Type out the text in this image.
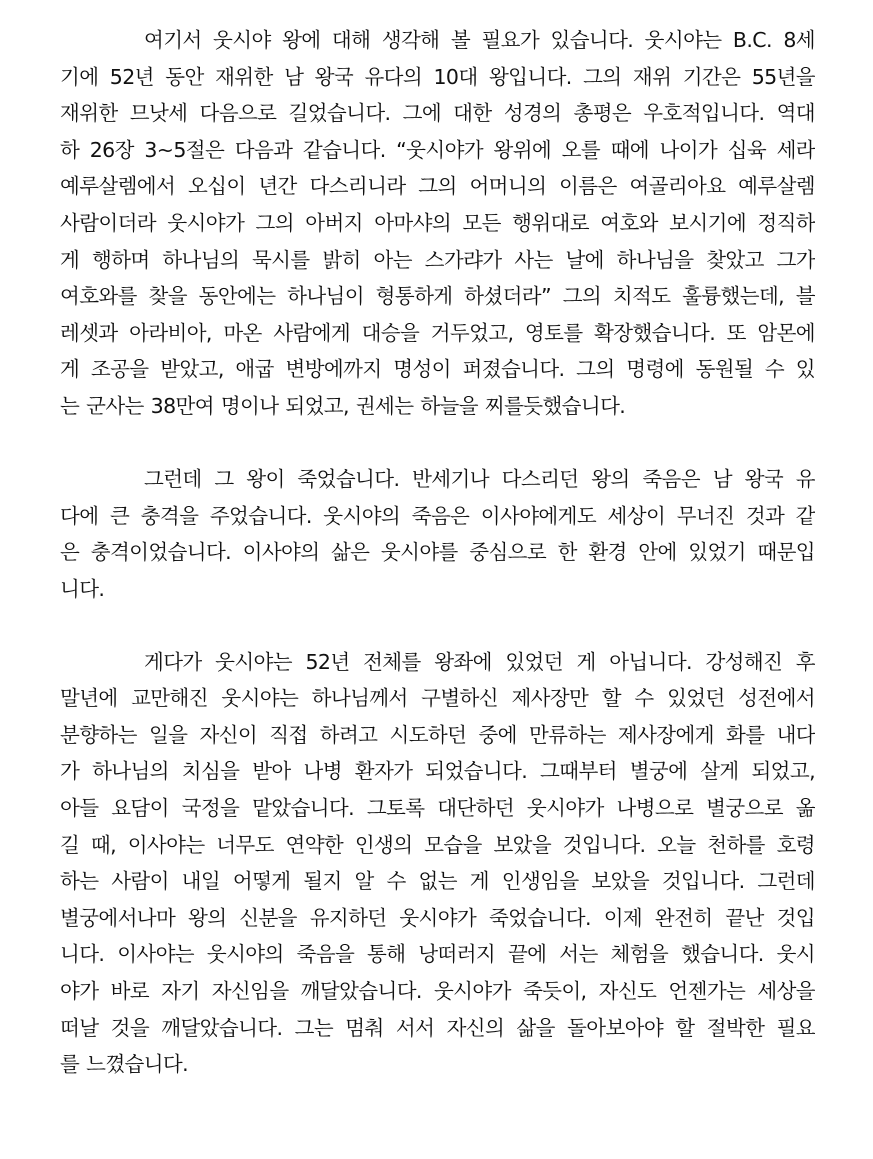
여기서 웃시야 왕에 대해 생각해 볼 필요가 있습니다. 웃시야는 B.C. 8세
기에 52년 동안 재위한 남 왕국 유다의 10대 왕입니다. 그의 재위 기간은 55년을
재위한 므낫세 다음으로 길었습니다. 그에 대한 성경의 총평은 우호적입니다. 역대
하 26장 3~5절은 다음과 같습니다. “웃시야가 왕위에 오를 때에 나이가 십육 세라
예루살렘에서 오십이 년간 다스리니라 그의 어머니의 이름은 여골리아요 예루살렘
사람이더라 웃시야가 그의 아버지 아마샤의 모든 행위대로 여호와 보시기에 정직하
게 행하며 하나님의 묵시를 밝히 아는 스가랴가 사는 날에 하나님을 찾았고 그가
여호와를 찾을 동안에는 하나님이 형통하게 하셨더라” 그의 치적도 훌륭했는데, 블
레셋과 아라비아, 마온 사람에게 대승을 거두었고, 영토를 확장했습니다. 또 암몬에
게 조공을 받았고, 애굽 변방에까지 명성이 퍼졌습니다. 그의 명령에 동원될 수 있
는 군사는 38만여 명이나 되었고, 권세는 하늘을 찌를듯했습니다.
그런데 그 왕이 죽었습니다. 반세기나 다스리던 왕의 죽음은 남 왕국 유
다에 큰 충격을 주었습니다. 웃시야의 죽음은 이사야에게도 세상이 무너진 것과 같
은 충격이었습니다. 이사야의 삶은 웃시야를 중심으로 한 환경 안에 있었기 때문입
니다.
게다가 웃시야는 52년 전체를 왕좌에 있었던 게 아닙니다. 강성해진 후
말년에 교만해진 웃시야는 하나님께서 구별하신 제사장만 할 수 있었던 성전에서
분향하는 일을 자신이 직접 하려고 시도하던 중에 만류하는 제사장에게 화를 내다
가 하나님의 치심을 받아 나병 환자가 되었습니다. 그때부터 별궁에 살게 되었고,
아들 요담이 국정을 맡았습니다. 그토록 대단하던 웃시야가 나병으로 별궁으로 옮
길 때, 이사야는 너무도 연약한 인생의 모습을 보았을 것입니다. 오늘 천하를 호령
하는 사람이 내일 어떻게 될지 알 수 없는 게 인생임을 보았을 것입니다. 그런데
별궁에서나마 왕의 신분을 유지하던 웃시야가 죽었습니다. 이제 완전히 끝난 것입
니다. 이사야는 웃시야의 죽음을 통해 낭떠러지 끝에 서는 체험을 했습니다. 웃시
야가 바로 자기 자신임을 깨달았습니다. 웃시야가 죽듯이, 자신도 언젠가는 세상을
떠날 것을 깨달았습니다. 그는 멈춰 서서 자신의 삶을 돌아보아야 할 절박한 필요
를 느꼈습니다.
